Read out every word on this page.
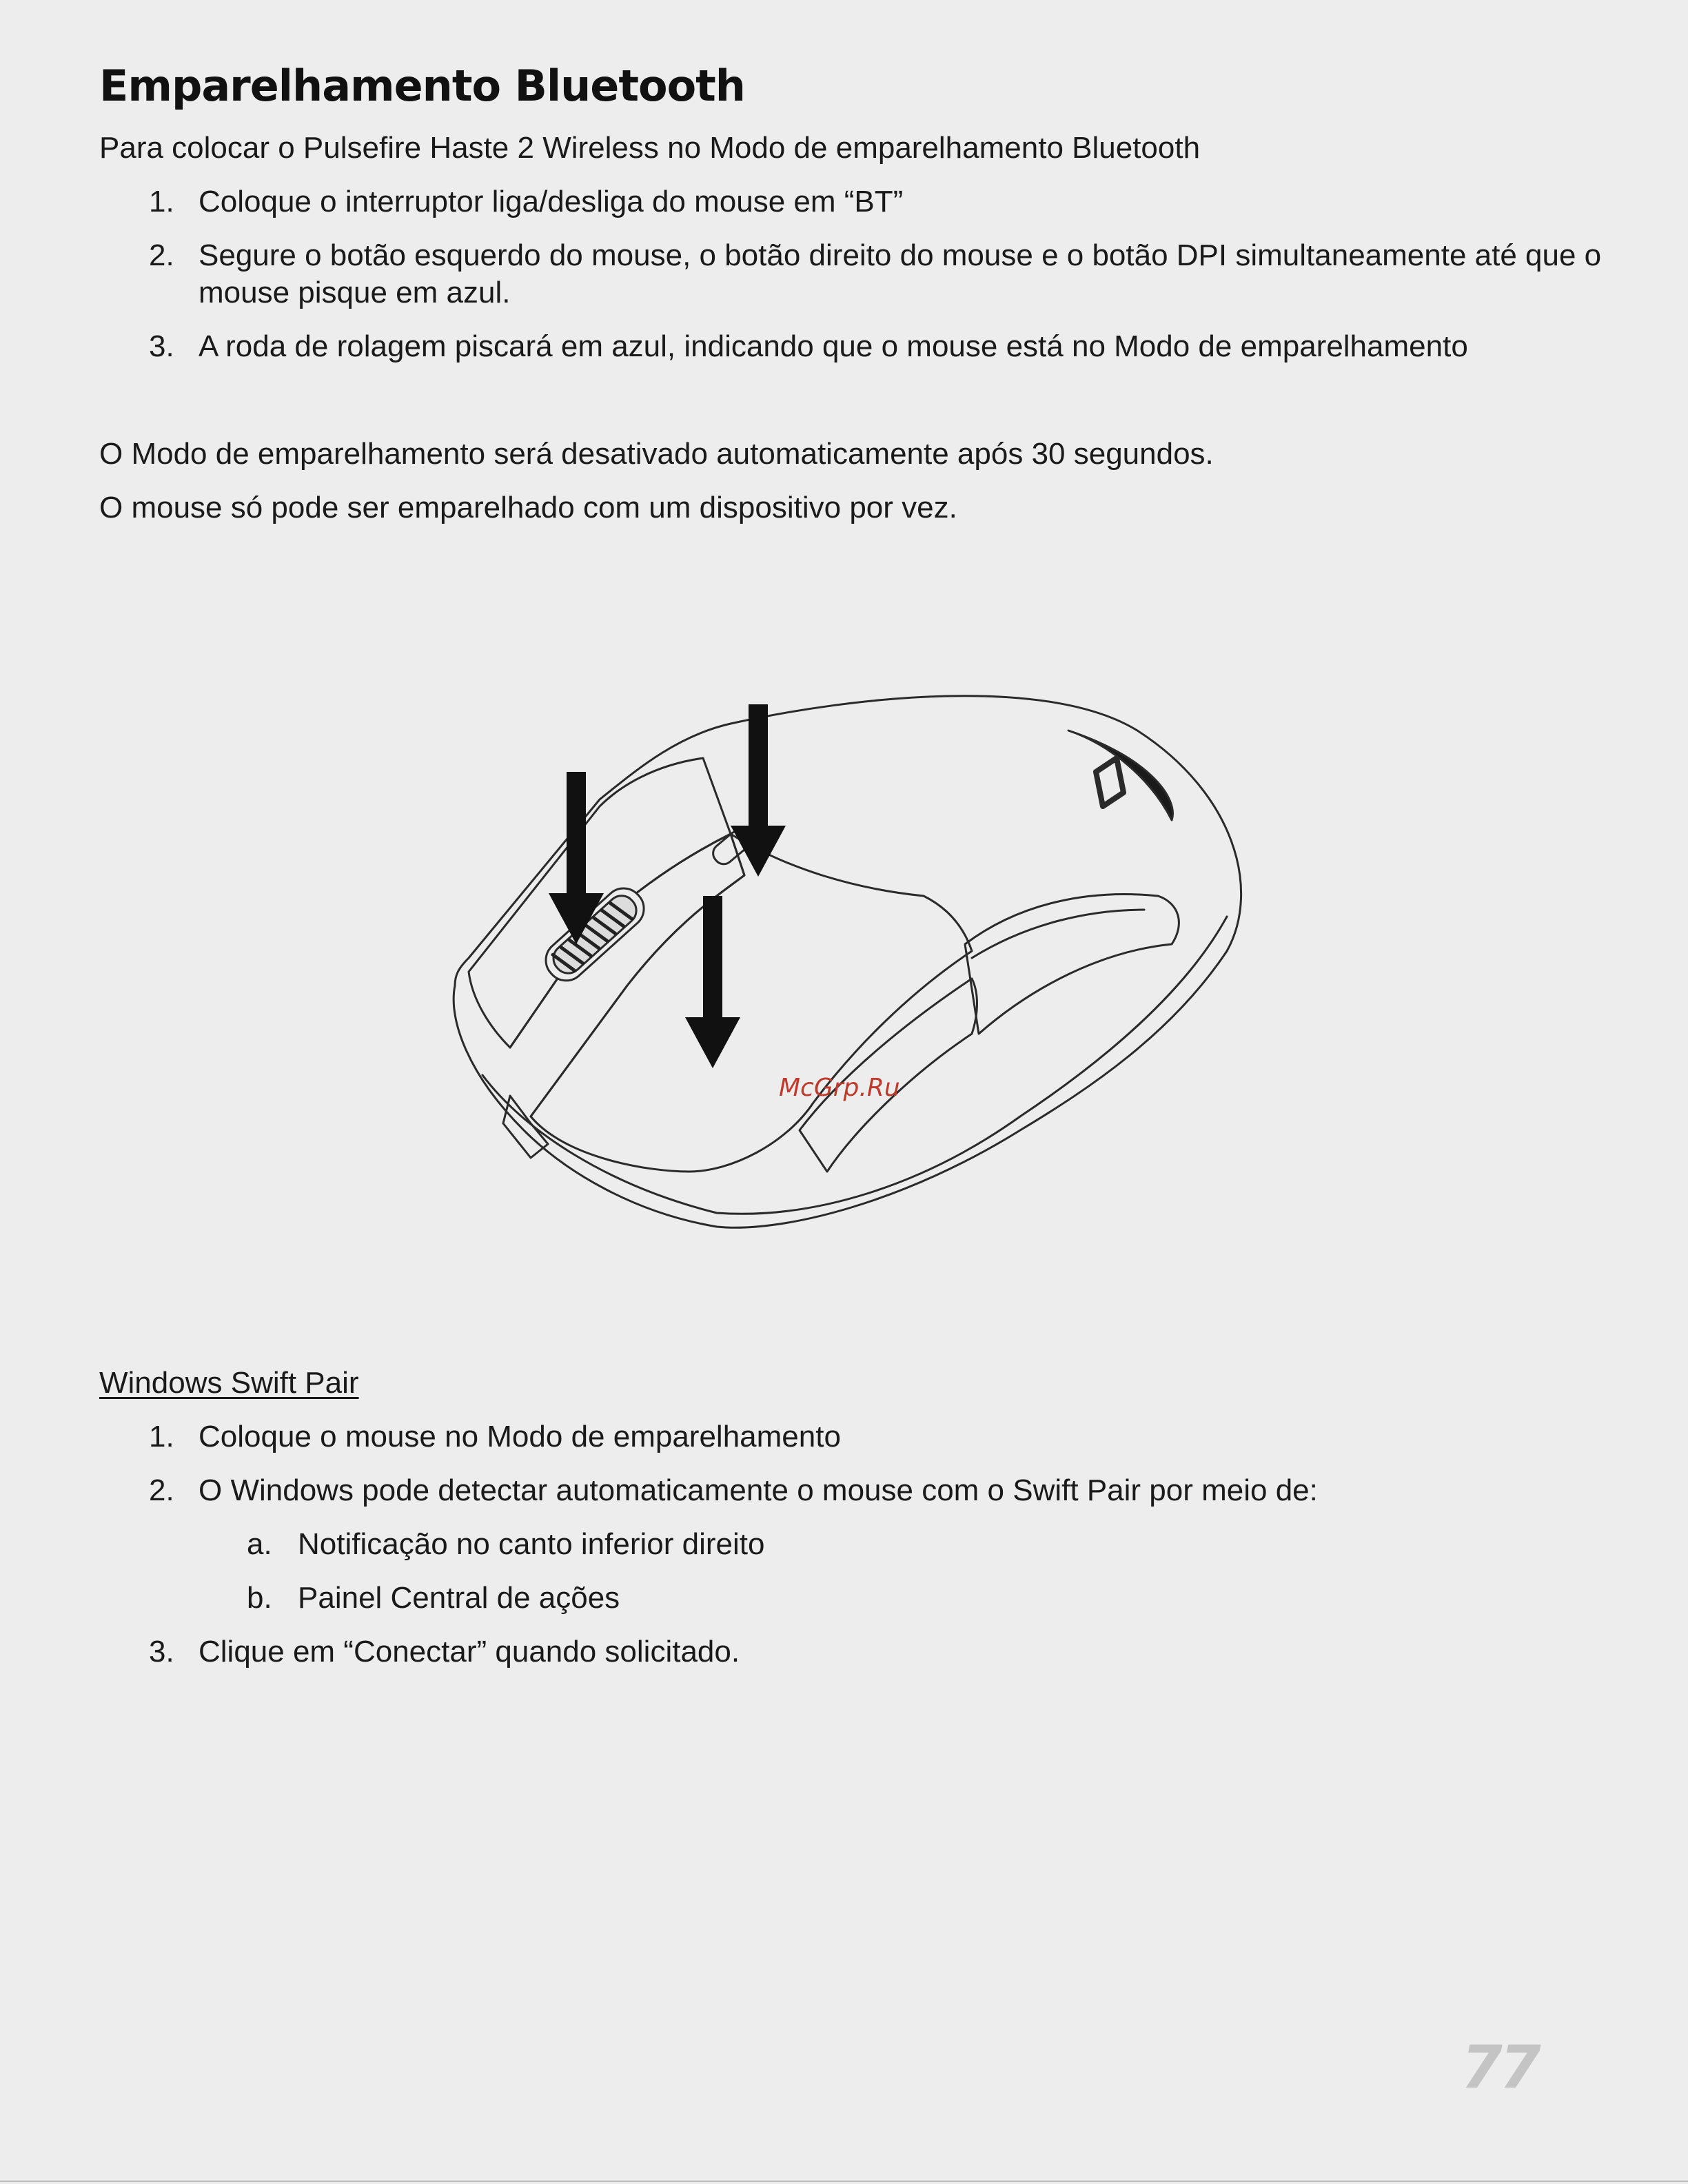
Emparelhamento Bluetooth

Para colocar o Pulsefire Haste 2 Wireless no Modo de emparelhamento Bluetooth

1. Coloque o interruptor liga/desliga do mouse em “BT”
2. Segure o botão esquerdo do mouse, o botão direito do mouse e o botão DPI simultaneamente até que o mouse pisque em azul.
3. A roda de rolagem piscará em azul, indicando que o mouse está no Modo de emparelhamento

O Modo de emparelhamento será desativado automaticamente após 30 segundos.

O mouse só pode ser emparelhado com um dispositivo por vez.

McGrp.Ru
Windows Swift Pair
1. Coloque o mouse no Modo de emparelhamento
2. O Windows pode detectar automaticamente o mouse com o Swift Pair por meio de:
a. Notificação no canto inferior direito
b. Painel Central de ações
3. Clique em “Conectar” quando solicitado.
77
